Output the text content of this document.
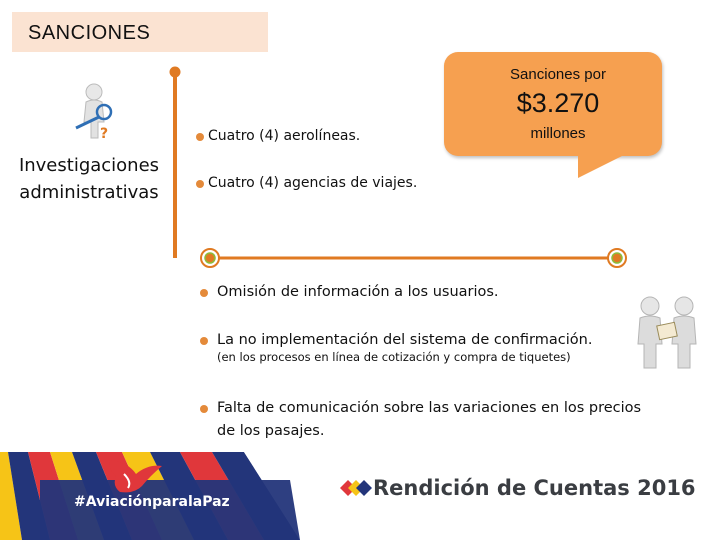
SANCIONES
?
Investigaciones
administrativas
Sanciones por
$3.270
millones
Cuatro (4) aerolíneas.
Cuatro (4) agencias de viajes.
Omisión de información a los usuarios.
La no implementación del sistema de confirmación.
(en los procesos en línea de cotización y compra de tiquetes)
Falta de comunicación sobre las variaciones en los precios
de los pasajes.
#AviaciónparalaPaz
Rendición de Cuentas 2016
